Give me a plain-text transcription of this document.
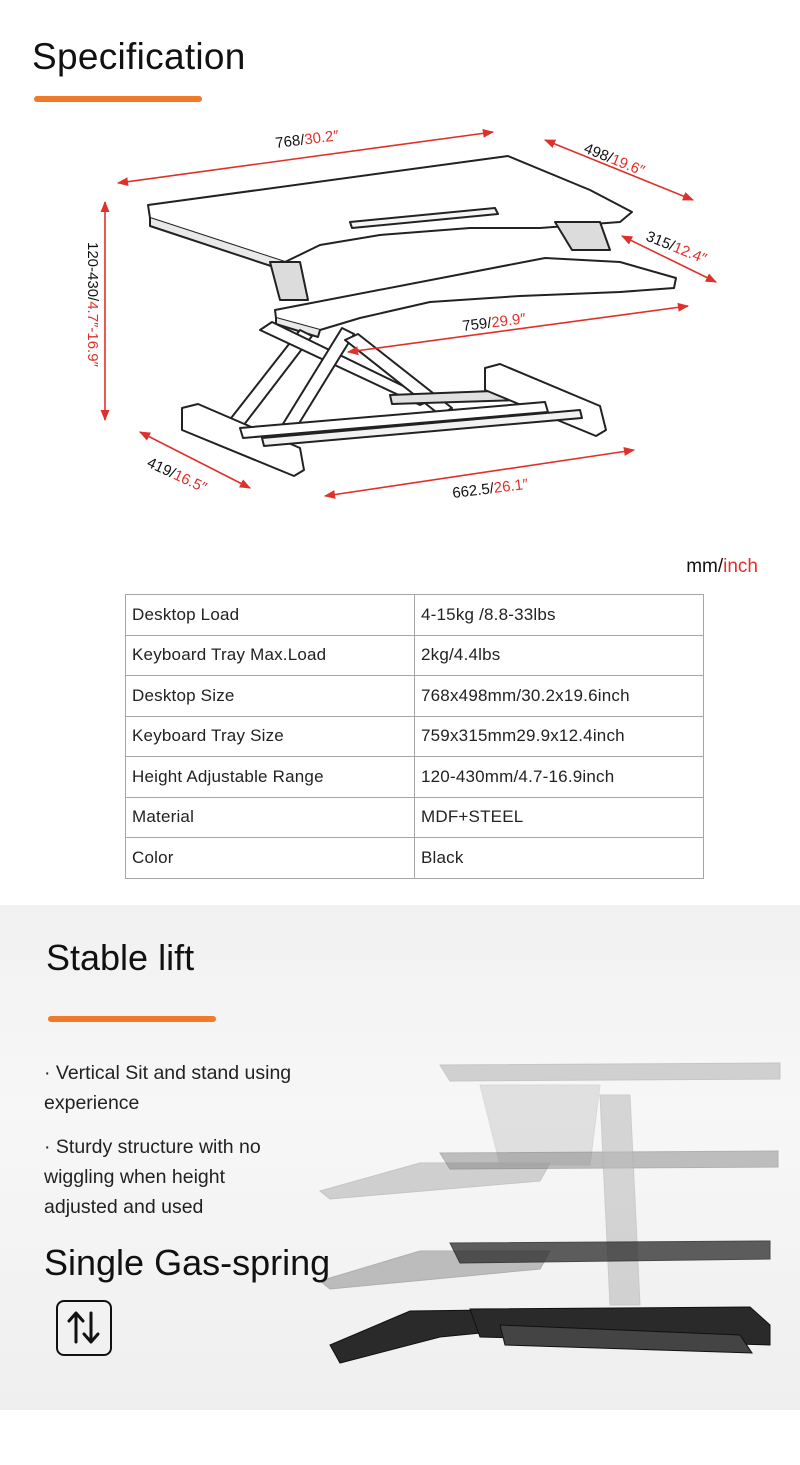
Specification
768/30.2″
498/19.6″
315/12.4″
120-430/4.7″-16.9″	759/29.9″
419/16.5″	662.5/26.1″
mm/inch
Desktop Load	4-15kg /8.8-33lbs
Keyboard Tray Max.Load	2kg/4.4lbs
Desktop Size	768x498mm/30.2x19.6inch
Keyboard Tray Size	759x315mm29.9x12.4inch
Height Adjustable Range	120-430mm/4.7-16.9inch
Material	MDF+STEEL
Color	Black
Stable lift
· Vertical Sit and stand using experience
· Sturdy structure with no wiggling when height adjusted and used
Single Gas-spring
